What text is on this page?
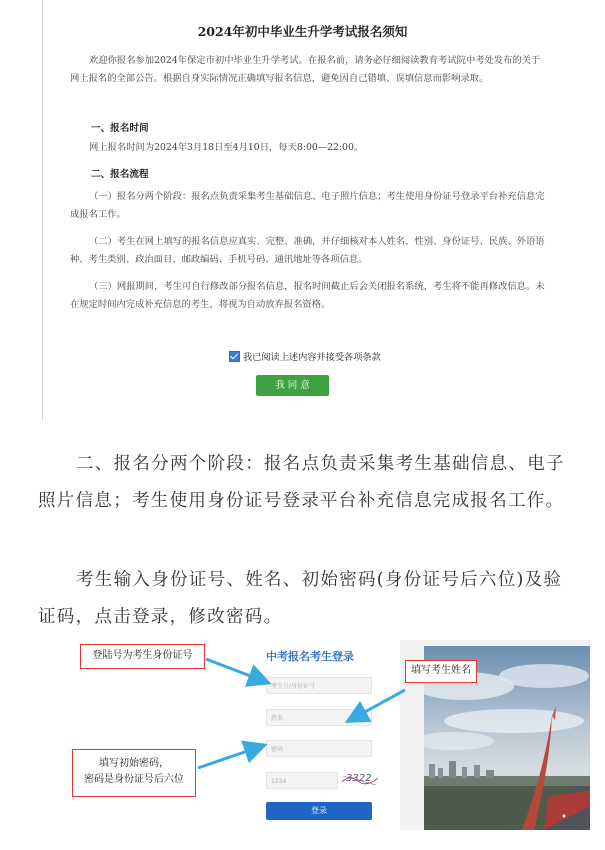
2024年初中毕业生升学考试报名须知

欢迎你报名参加2024年保定市初中毕业生升学考试。在报名前，请务必仔细阅读教育考试院中考处发布的关于网上报名的全部公告。根据自身实际情况正确填写报名信息，避免因自己错填、误填信息而影响录取。

一、报名时间

网上报名时间为2024年3月18日至4月10日，每天8:00—22:00。

二、报名流程

（一）报名分两个阶段：报名点负责采集考生基础信息、电子照片信息；考生使用身份证号登录平台补充信息完成报名工作。

（二）考生在网上填写的报名信息应真实、完整、准确，并仔细核对本人姓名、性别、身份证号、民族、外语语种、考生类别、政治面目、邮政编码、手机号码、通讯地址等各项信息。

（三）网报期间，考生可自行修改部分报名信息，报名时间截止后会关闭报名系统，考生将不能再修改信息。未在规定时间内完成补充信息的考生，将视为自动放弃报名资格。

我已阅读上述内容并接受各项条款
我 同 意

二、报名分两个阶段：报名点负责采集考生基础信息、电子照片信息；考生使用身份证号登录平台补充信息完成报名工作。

考生输入身份证号、姓名、初始密码(身份证号后六位)及验证码，点击登录，修改密码。

中考报名考生登录
考生号/身份证号
姓名
密码
1234	3322
登录
登陆号为考生身份证号
填写考生姓名
填写初始密码，
密码是身份证号后六位
